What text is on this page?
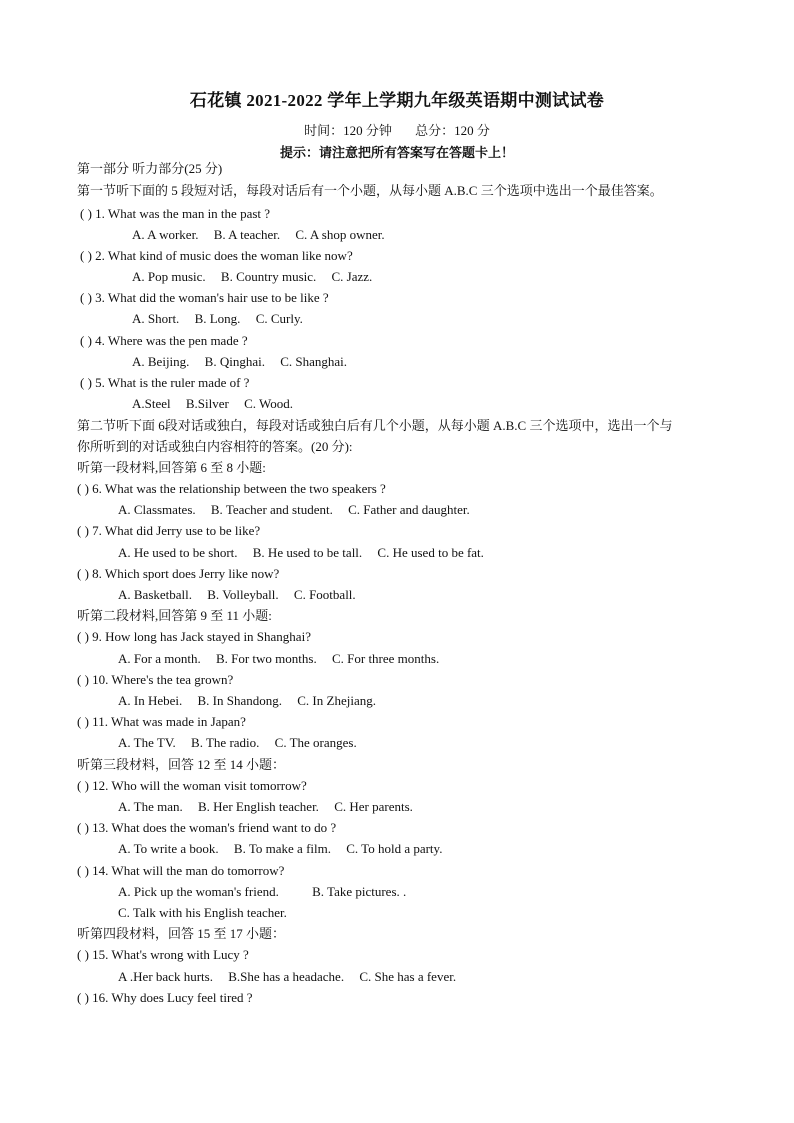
石花镇 2021-2022 学年上学期九年级英语期中测试试卷
时间：120 分钟 总分：120 分
提示：请注意把所有答案写在答题卡上！
第一部分 听力部分(25 分)
第一节听下面的 5 段短对话，每段对话后有一个小题，从每小题 A.B.C 三个选项中选出一个最佳答案。
( ) 1. What was the man in the past ?
A. A worker. B. A teacher. C. A shop owner.
( ) 2. What kind of music does the woman like now?
A. Pop music. B. Country music. C. Jazz.
( ) 3. What did the woman's hair use to be like ?
A. Short. B. Long. C. Curly.
( ) 4. Where was the pen made ?
A. Beijing. B. Qinghai. C. Shanghai.
( ) 5. What is the ruler made of ?
A.Steel B.Silver C. Wood.
第二节听下面 6段对话或独白，每段对话或独白后有几个小题，从每小题 A.B.C 三个选项中，选出一个与
你所听到的对话或独白内容相符的答案。(20 分):
听第一段材料,回答第 6 至 8 小题:
( ) 6. What was the relationship between the two speakers ?
A. Classmates. B. Teacher and student. C. Father and daughter.
( ) 7. What did Jerry use to be like?
A. He used to be short. B. He used to be tall. C. He used to be fat.
( ) 8. Which sport does Jerry like now?
A. Basketball. B. Volleyball. C. Football.
听第二段材料,回答第 9 至 11 小题:
( ) 9. How long has Jack stayed in Shanghai?
A. For a month. B. For two months. C. For three months.
( ) 10. Where's the tea grown?
A. In Hebei. B. In Shandong. C. In Zhejiang.
( ) 11. What was made in Japan?
A. The TV. B. The radio. C. The oranges.
听第三段材料，回答 12 至 14 小题：
( ) 12. Who will the woman visit tomorrow?
A. The man. B. Her English teacher. C. Her parents.
( ) 13. What does the woman's friend want to do ?
A. To write a book. B. To make a film. C. To hold a party.
( ) 14. What will the man do tomorrow?
A. Pick up the woman's friend.	B. Take pictures. .
C. Talk with his English teacher.
听第四段材料，回答 15 至 17 小题：
( ) 15. What's wrong with Lucy ?
A .Her back hurts. B.She has a headache. C. She has a fever.
( ) 16. Why does Lucy feel tired ?
